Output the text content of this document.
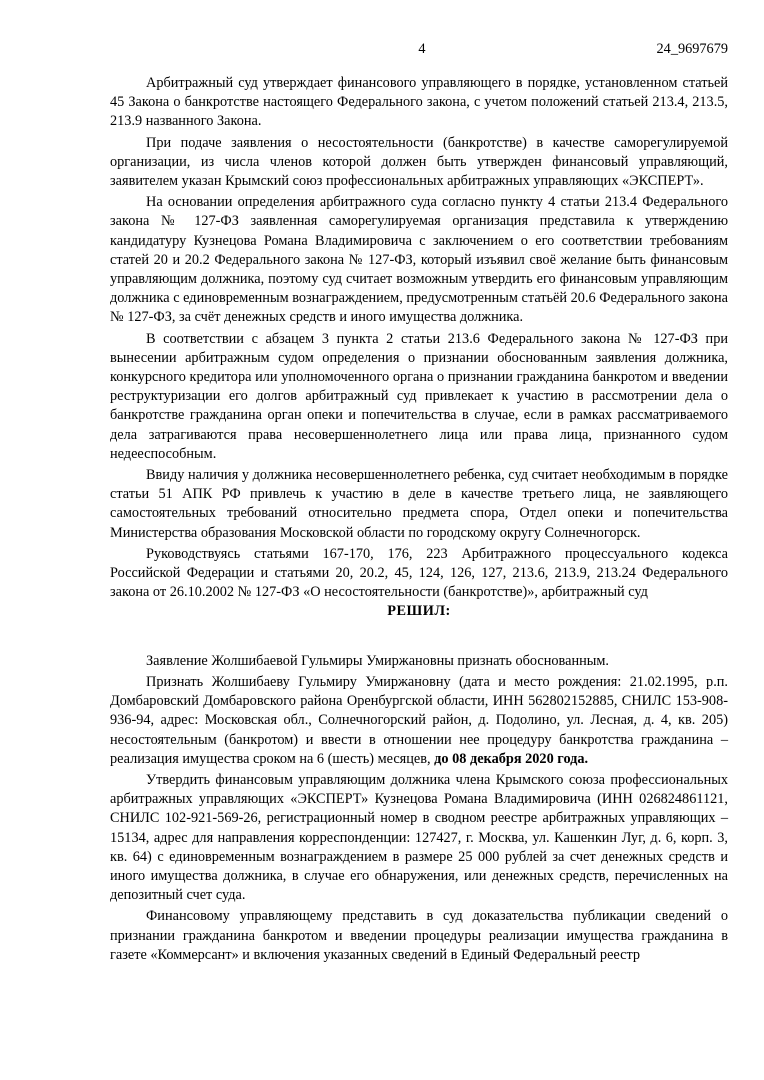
4	24_9697679

Арбитражный суд утверждает финансового управляющего в порядке, установленном статьей 45 Закона о банкротстве настоящего Федерального закона, с учетом положений статьей 213.4, 213.5, 213.9 названного Закона.

При подаче заявления о несостоятельности (банкротстве) в качестве саморегулируемой организации, из числа членов которой должен быть утвержден финансовый управляющий, заявителем указан Крымский союз профессиональных арбитражных управляющих «ЭКСПЕРТ».

На основании определения арбитражного суда согласно пункту 4 статьи 213.4 Федерального закона № 127-ФЗ заявленная саморегулируемая организация представила к утверждению кандидатуру Кузнецова Романа Владимировича с заключением о его соответствии требованиям статей 20 и 20.2 Федерального закона № 127-ФЗ, который изъявил своё желание быть финансовым управляющим должника, поэтому суд считает возможным утвердить его финансовым управляющим должника с единовременным вознаграждением, предусмотренным статьёй 20.6 Федерального закона № 127-ФЗ, за счёт денежных средств и иного имущества должника.

В соответствии с абзацем 3 пункта 2 статьи 213.6 Федерального закона № 127-ФЗ при вынесении арбитражным судом определения о признании обоснованным заявления должника, конкурсного кредитора или уполномоченного органа о признании гражданина банкротом и введении реструктуризации его долгов арбитражный суд привлекает к участию в рассмотрении дела о банкротстве гражданина орган опеки и попечительства в случае, если в рамках рассматриваемого дела затрагиваются права несовершеннолетнего лица или права лица, признанного судом недееспособным.

Ввиду наличия у должника несовершеннолетнего ребенка, суд считает необходимым в порядке статьи 51 АПК РФ привлечь к участию в деле в качестве третьего лица, не заявляющего самостоятельных требований относительно предмета спора, Отдел опеки и попечительства Министерства образования Московской области по городскому округу Солнечногорск.

Руководствуясь статьями 167-170, 176, 223 Арбитражного процессуального кодекса Российской Федерации и статьями 20, 20.2, 45, 124, 126, 127, 213.6, 213.9, 213.24 Федерального закона от 26.10.2002 № 127-ФЗ «О несостоятельности (банкротстве)», арбитражный суд

РЕШИЛ:

Заявление Жолшибаевой Гульмиры Умиржановны признать обоснованным.

Признать Жолшибаеву Гульмиру Умиржановну (дата и место рождения: 21.02.1995, р.п. Домбаровский Домбаровского района Оренбургской области, ИНН 562802152885, СНИЛС 153-908-936-94, адрес: Московская обл., Солнечногорский район, д. Подолино, ул. Лесная, д. 4, кв. 205) несостоятельным (банкротом) и ввести в отношении нее процедуру банкротства гражданина – реализация имущества сроком на 6 (шесть) месяцев, до 08 декабря 2020 года.

Утвердить финансовым управляющим должника члена Крымского союза профессиональных арбитражных управляющих «ЭКСПЕРТ» Кузнецова Романа Владимировича (ИНН 026824861121, СНИЛС 102-921-569-26, регистрационный номер в сводном реестре арбитражных управляющих – 15134, адрес для направления корреспонденции: 127427, г. Москва, ул. Кашенкин Луг, д. 6, корп. 3, кв. 64) с единовременным вознаграждением в размере 25 000 рублей за счет денежных средств и иного имущества должника, в случае его обнаружения, или денежных средств, перечисленных на депозитный счет суда.

Финансовому управляющему представить в суд доказательства публикации сведений о признании гражданина банкротом и введении процедуры реализации имущества гражданина в газете «Коммерсант» и включения указанных сведений в Единый Федеральный реестр
